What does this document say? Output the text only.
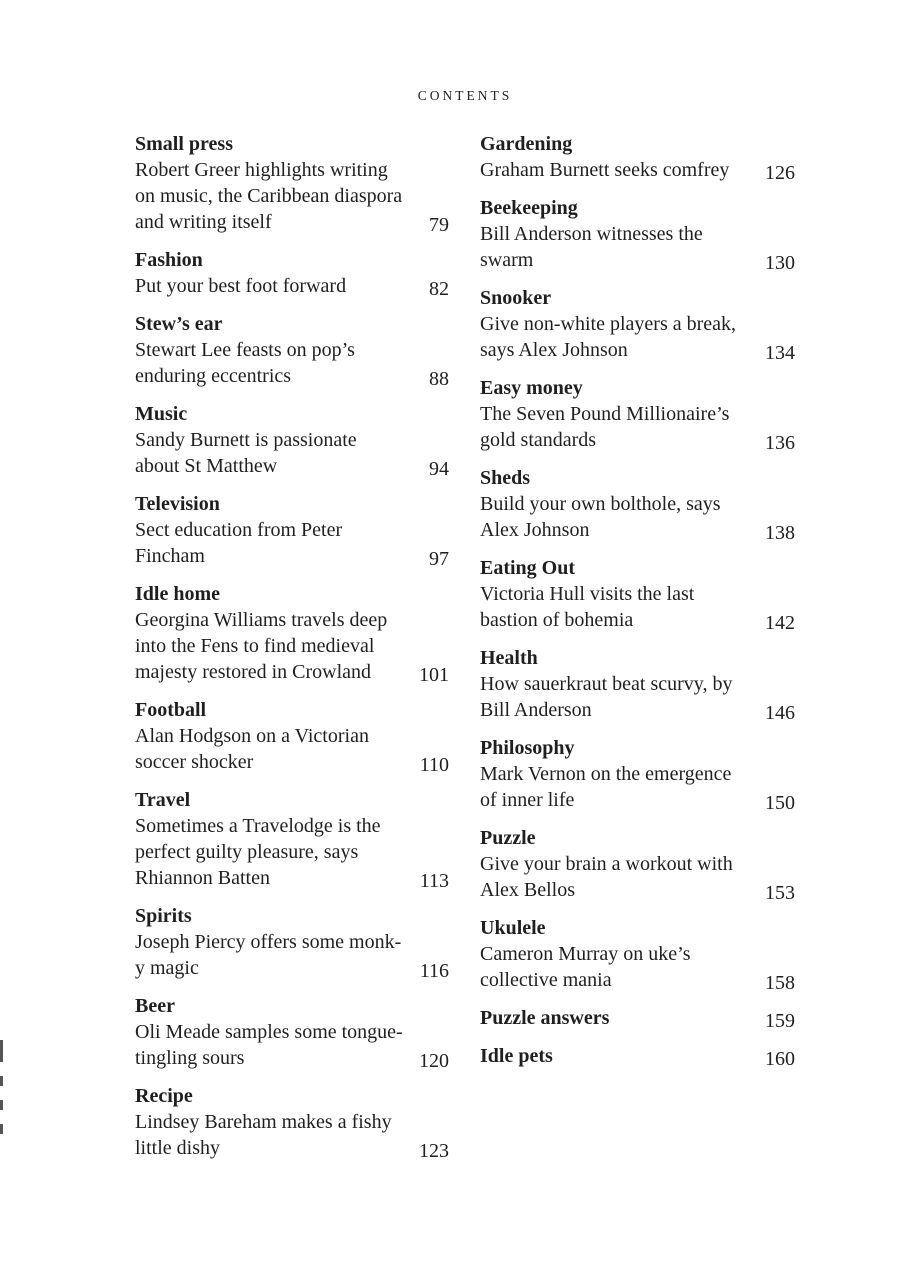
CONTENTS
Small press
Robert Greer highlights writing on music, the Caribbean diaspora and writing itself	79
Fashion
Put your best foot forward	82
Stew’s ear
Stewart Lee feasts on pop’s enduring eccentrics	88
Music
Sandy Burnett is passionate about St Matthew	94
Television
Sect education from Peter Fincham	97
Idle home
Georgina Williams travels deep into the Fens to find medieval majesty restored in Crowland	101
Football
Alan Hodgson on a Victorian soccer shocker	110
Travel
Sometimes a Travelodge is the perfect guilty pleasure, says Rhiannon Batten	113
Spirits
Joseph Piercy offers some monk-y magic	116
Beer
Oli Meade samples some tongue-tingling sours	120
Recipe
Lindsey Bareham makes a fishy little dishy	123
Gardening
Graham Burnett seeks comfrey	126
Beekeeping
Bill Anderson witnesses the swarm	130
Snooker
Give non-white players a break, says Alex Johnson	134
Easy money
The Seven Pound Millionaire’s gold standards	136
Sheds
Build your own bolthole, says Alex Johnson	138
Eating Out
Victoria Hull visits the last bastion of bohemia	142
Health
How sauerkraut beat scurvy, by Bill Anderson	146
Philosophy
Mark Vernon on the emergence of inner life	150
Puzzle
Give your brain a workout with Alex Bellos	153
Ukulele
Cameron Murray on uke’s collective mania	158
Puzzle answers	159
Idle pets	160
